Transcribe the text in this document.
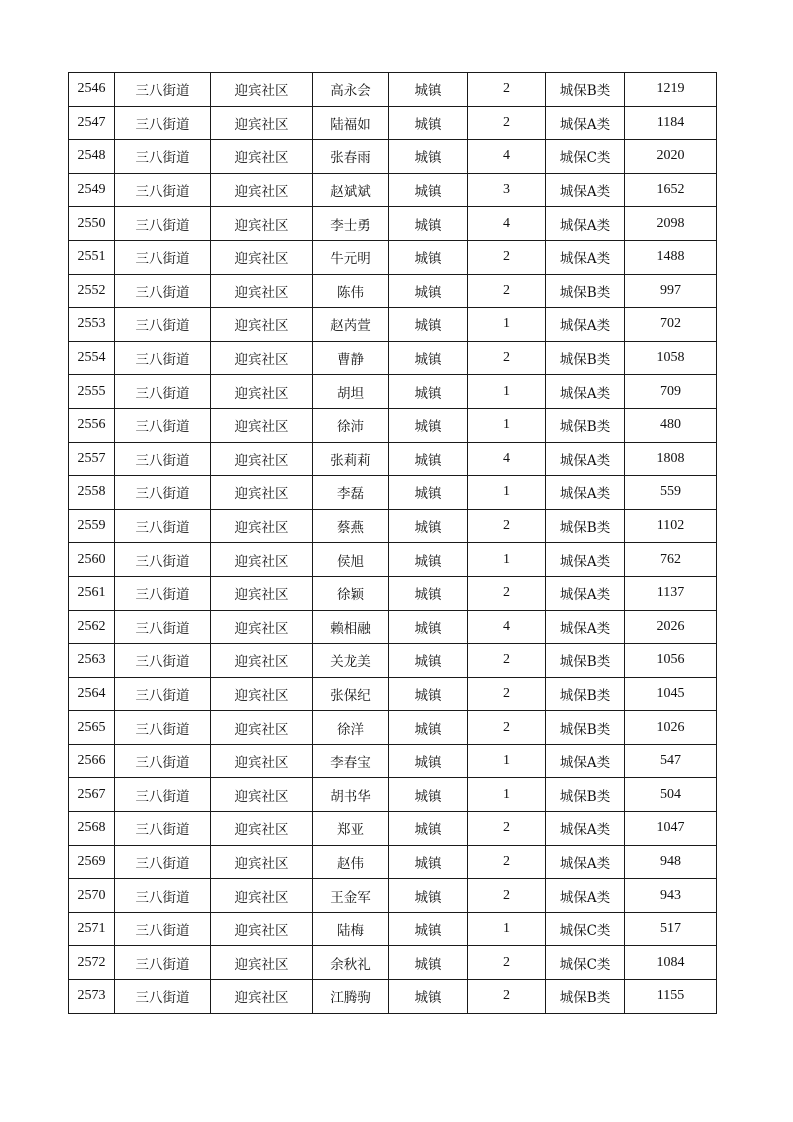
2546	三八街道	迎宾社区	高永会	城镇	2	城保B类	1219
2547	三八街道	迎宾社区	陆福如	城镇	2	城保A类	1184
2548	三八街道	迎宾社区	张春雨	城镇	4	城保C类	2020
2549	三八街道	迎宾社区	赵斌斌	城镇	3	城保A类	1652
2550	三八街道	迎宾社区	李士勇	城镇	4	城保A类	2098
2551	三八街道	迎宾社区	牛元明	城镇	2	城保A类	1488
2552	三八街道	迎宾社区	陈伟	城镇	2	城保B类	997
2553	三八街道	迎宾社区	赵芮萱	城镇	1	城保A类	702
2554	三八街道	迎宾社区	曹静	城镇	2	城保B类	1058
2555	三八街道	迎宾社区	胡坦	城镇	1	城保A类	709
2556	三八街道	迎宾社区	徐沛	城镇	1	城保B类	480
2557	三八街道	迎宾社区	张莉莉	城镇	4	城保A类	1808
2558	三八街道	迎宾社区	李磊	城镇	1	城保A类	559
2559	三八街道	迎宾社区	蔡燕	城镇	2	城保B类	1102
2560	三八街道	迎宾社区	侯旭	城镇	1	城保A类	762
2561	三八街道	迎宾社区	徐颖	城镇	2	城保A类	1137
2562	三八街道	迎宾社区	赖相融	城镇	4	城保A类	2026
2563	三八街道	迎宾社区	关龙美	城镇	2	城保B类	1056
2564	三八街道	迎宾社区	张保纪	城镇	2	城保B类	1045
2565	三八街道	迎宾社区	徐洋	城镇	2	城保B类	1026
2566	三八街道	迎宾社区	李春宝	城镇	1	城保A类	547
2567	三八街道	迎宾社区	胡书华	城镇	1	城保B类	504
2568	三八街道	迎宾社区	郑亚	城镇	2	城保A类	1047
2569	三八街道	迎宾社区	赵伟	城镇	2	城保A类	948
2570	三八街道	迎宾社区	王金军	城镇	2	城保A类	943
2571	三八街道	迎宾社区	陆梅	城镇	1	城保C类	517
2572	三八街道	迎宾社区	余秋礼	城镇	2	城保C类	1084
2573	三八街道	迎宾社区	江腾驹	城镇	2	城保B类	1155
